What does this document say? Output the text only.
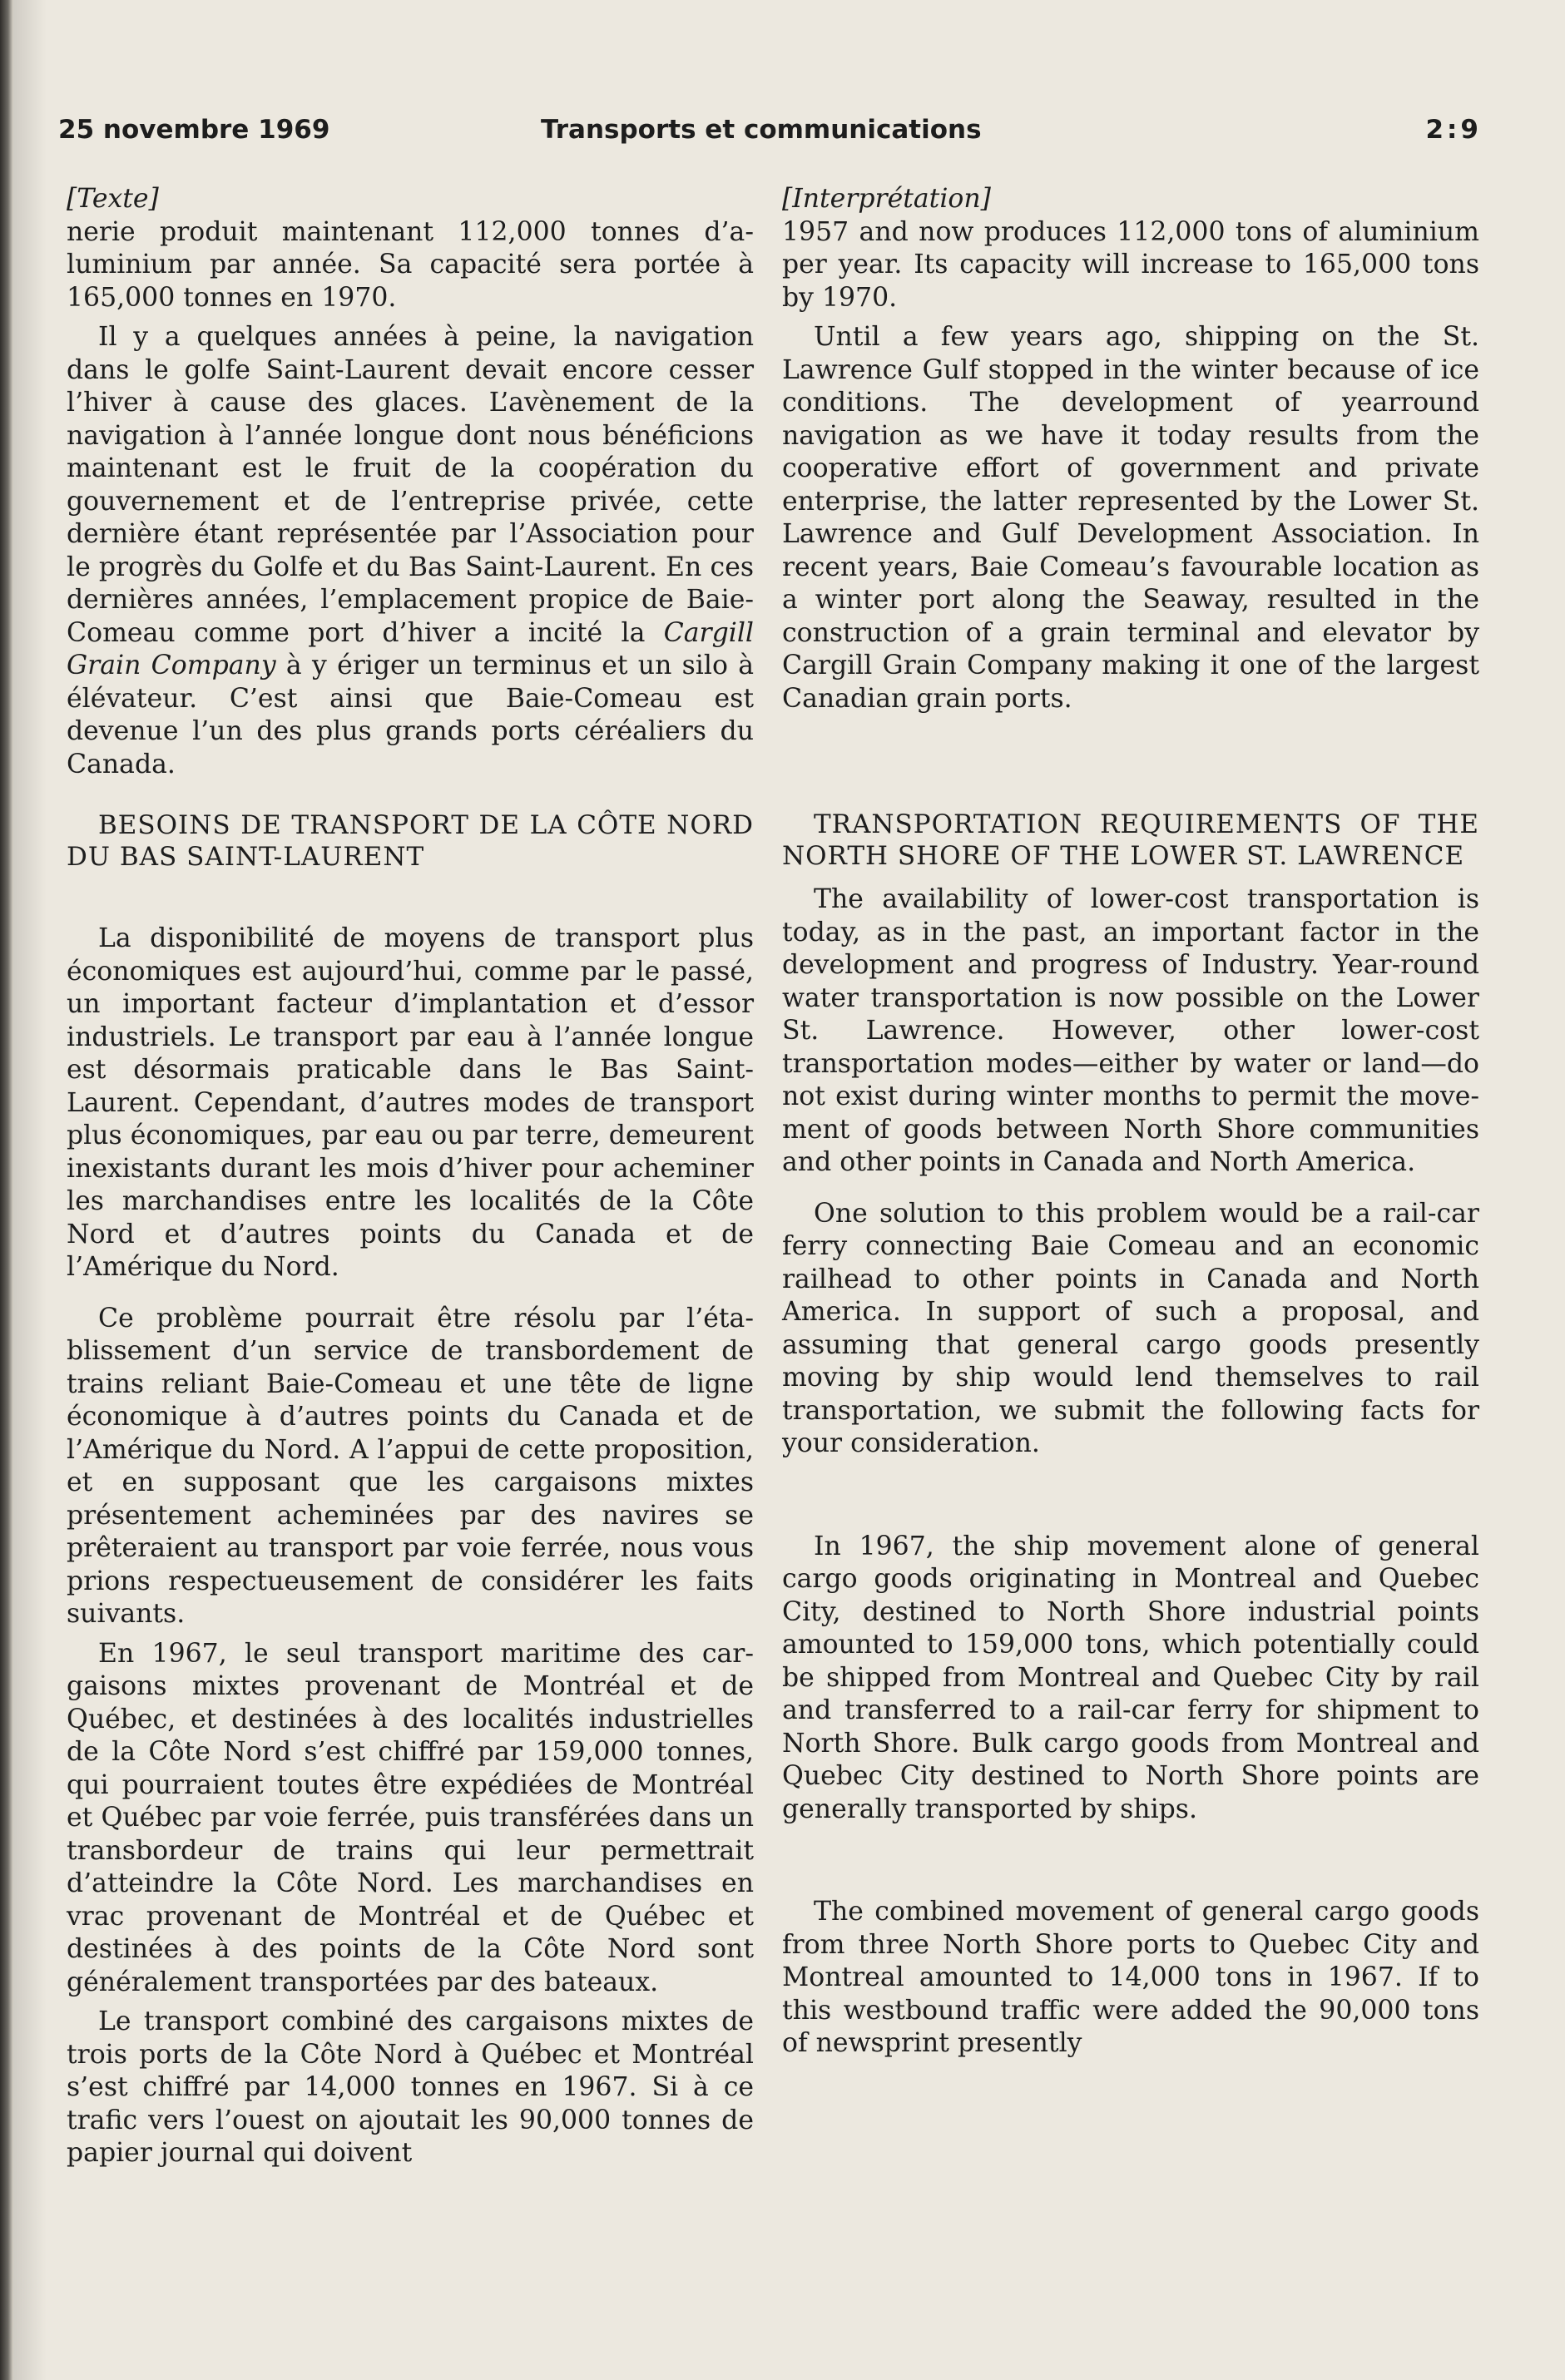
25 novembre 1969	Transports et communications	2:9

[Texte]

nerie produit maintenant 112,000 tonnes d’aluminium par année. Sa capacité sera portée à 165,000 tonnes en 1970.

Il y a quelques années à peine, la navigation dans le golfe Saint-Laurent devait encore cesser l’hiver à cause des glaces. L’avènement de la navigation à l’année longue dont nous bénéficions maintenant est le fruit de la coopération du gouvernement et de l’entreprise privée, cette dernière étant représentée par l’Association pour le progrès du Golfe et du Bas Saint-Laurent. En ces dernières années, l’emplacement propice de Baie-Comeau comme port d’hiver a incité la Cargill Grain Company à y ériger un terminus et un silo à élévateur. C’est ainsi que Baie-Comeau est devenue l’un des plus grands ports céréaliers du Canada.

BESOINS DE TRANSPORT DE LA CÔTE NORD DU BAS SAINT-LAURENT

La disponibilité de moyens de transport plus économiques est aujourd’hui, comme par le passé, un important facteur d’implantation et d’essor industriels. Le transport par eau à l’année longue est désormais praticable dans le Bas Saint-Laurent. Cependant, d’autres modes de transport plus économiques, par eau ou par terre, demeurent inexistants durant les mois d’hiver pour acheminer les marchandises entre les localités de la Côte Nord et d’autres points du Canada et de l’Amérique du Nord.

Ce problème pourrait être résolu par l’établissement d’un service de transbordement de trains reliant Baie-Comeau et une tête de ligne économique à d’autres points du Canada et de l’Amérique du Nord. A l’appui de cette proposition, et en supposant que les cargaisons mixtes présentement acheminées par des navires se prêteraient au transport par voie ferrée, nous vous prions respectueusement de considérer les faits suivants.

En 1967, le seul transport maritime des cargaisons mixtes provenant de Montréal et de Québec, et destinées à des localités industrielles de la Côte Nord s’est chiffré par 159,000 tonnes, qui pourraient toutes être expédiées de Montréal et Québec par voie ferrée, puis transférées dans un transbordeur de trains qui leur permettrait d’atteindre la Côte Nord. Les marchandises en vrac provenant de Montréal et de Québec et destinées à des points de la Côte Nord sont généralement transportées par des bateaux.

Le transport combiné des cargaisons mixtes de trois ports de la Côte Nord à Québec et Montréal s’est chiffré par 14,000 tonnes en 1967. Si à ce trafic vers l’ouest on ajoutait les 90,000 tonnes de papier journal qui doivent

[Interprétation]

1957 and now produces 112,000 tons of aluminium per year. Its capacity will increase to 165,000 tons by 1970.

Until a few years ago, shipping on the St. Lawrence Gulf stopped in the winter because of ice conditions. The development of yearround navigation as we have it today results from the cooperative effort of government and private enterprise, the latter represented by the Lower St. Lawrence and Gulf Development Association. In recent years, Baie Comeau’s favourable location as a winter port along the Seaway, resulted in the construction of a grain terminal and elevator by Cargill Grain Company making it one of the largest Canadian grain ports.

TRANSPORTATION REQUIREMENTS OF THE NORTH SHORE OF THE LOWER ST. LAWRENCE

The availability of lower-cost transportation is today, as in the past, an important factor in the development and progress of Industry. Year-round water transportation is now possible on the Lower St. Lawrence. However, other lower-cost transportation modes—either by water or land—do not exist during winter months to permit the movement of goods between North Shore communities and other points in Canada and North America.

One solution to this problem would be a rail-car ferry connecting Baie Comeau and an economic railhead to other points in Canada and North America. In support of such a proposal, and assuming that general cargo goods presently moving by ship would lend themselves to rail transportation, we submit the following facts for your consideration.

In 1967, the ship movement alone of general cargo goods originating in Montreal and Quebec City, destined to North Shore industrial points amounted to 159,000 tons, which potentially could be shipped from Montreal and Quebec City by rail and transferred to a rail-car ferry for shipment to North Shore. Bulk cargo goods from Montreal and Quebec City destined to North Shore points are generally transported by ships.

The combined movement of general cargo goods from three North Shore ports to Quebec City and Montreal amounted to 14,000 tons in 1967. If to this westbound traffic were added the 90,000 tons of newsprint presently
